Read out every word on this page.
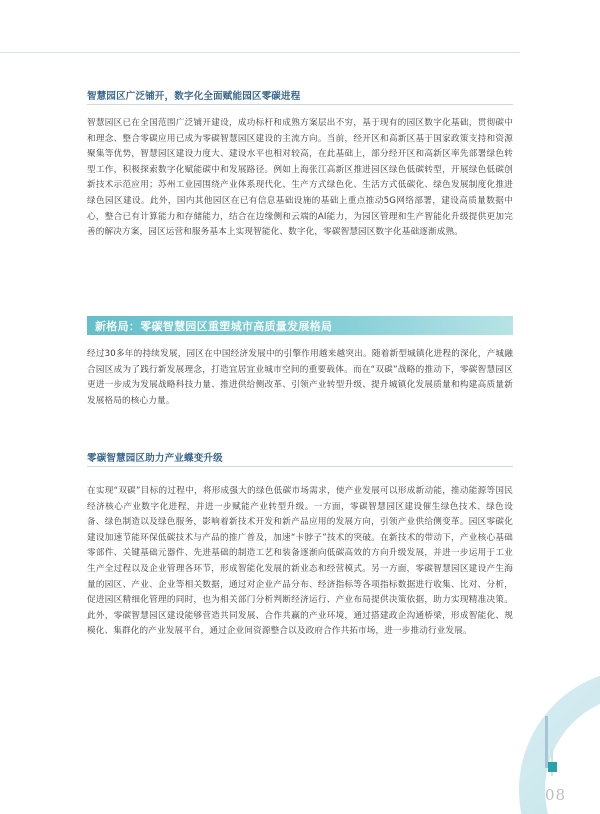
智慧园区广泛铺开，数字化全面赋能园区零碳进程
智慧园区已在全国范围广泛铺开建设，成功标杆和成熟方案层出不穷，基于现有的园区数字化基础，贯彻碳中和理念、整合零碳应用已成为零碳智慧园区建设的主流方向。当前，经开区和高新区基于国家政策支持和资源聚集等优势，智慧园区建设力度大、建设水平也相对较高，在此基础上，部分经开区和高新区率先部署绿色转型工作，积极探索数字化赋能碳中和发展路径。例如上海张江高新区推进园区绿色低碳转型，开展绿色低碳创新技术示范应用；苏州工业园围绕产业体系现代化、生产方式绿色化、生活方式低碳化、绿色发展制度化推进绿色园区建设。此外，国内其他园区在已有信息基础设施的基础上重点推动5G网络部署，建设高质量数据中心，整合已有计算能力和存储能力，结合在边缘侧和云端的AI能力，为园区管理和生产智能化升级提供更加完善的解决方案，园区运营和服务基本上实现智能化、数字化，零碳智慧园区数字化基础逐渐成熟。
新格局：零碳智慧园区重塑城市高质量发展格局
经过30多年的持续发展，园区在中国经济发展中的引擎作用越来越突出。随着新型城镇化进程的深化，产城融合园区成为了践行新发展理念，打造宜居宜业城市空间的重要载体。而在“双碳”战略的推动下，零碳智慧园区更进一步成为发展战略科技力量、推进供给侧改革、引领产业转型升级、提升城镇化发展质量和构建高质量新发展格局的核心力量。
零碳智慧园区助力产业蝶变升级
在实现“双碳”目标的过程中，将形成强大的绿色低碳市场需求，使产业发展可以形成新动能，推动能源等国民经济核心产业数字化进程，并进一步赋能产业转型升级。一方面，零碳智慧园区建设催生绿色技术、绿色设备、绿色制造以及绿色服务，影响着新技术开发和新产品应用的发展方向，引领产业供给侧变革。园区零碳化建设加速节能环保低碳技术与产品的推广普及，加速“卡脖子”技术的突破。在新技术的带动下，产业核心基础零部件、关键基础元器件、先进基础的制造工艺和装备逐渐向低碳高效的方向升级发展，并进一步运用于工业生产全过程以及企业管理各环节，形成智能化发展的新业态和经营模式。另一方面，零碳智慧园区建设产生海量的园区、产业、企业等相关数据，通过对企业产品分布、经济指标等各项指标数据进行收集、比对、分析，促进园区精细化管理的同时，也为相关部门分析判断经济运行、产业布局提供决策依据，助力实现精准决策。此外，零碳智慧园区建设能够营造共同发展、合作共赢的产业环境，通过搭建政企沟通桥梁，形成智能化、规模化、集群化的产业发展平台，通过企业间资源整合以及政府合作共拓市场，进一步推动行业发展。
08
